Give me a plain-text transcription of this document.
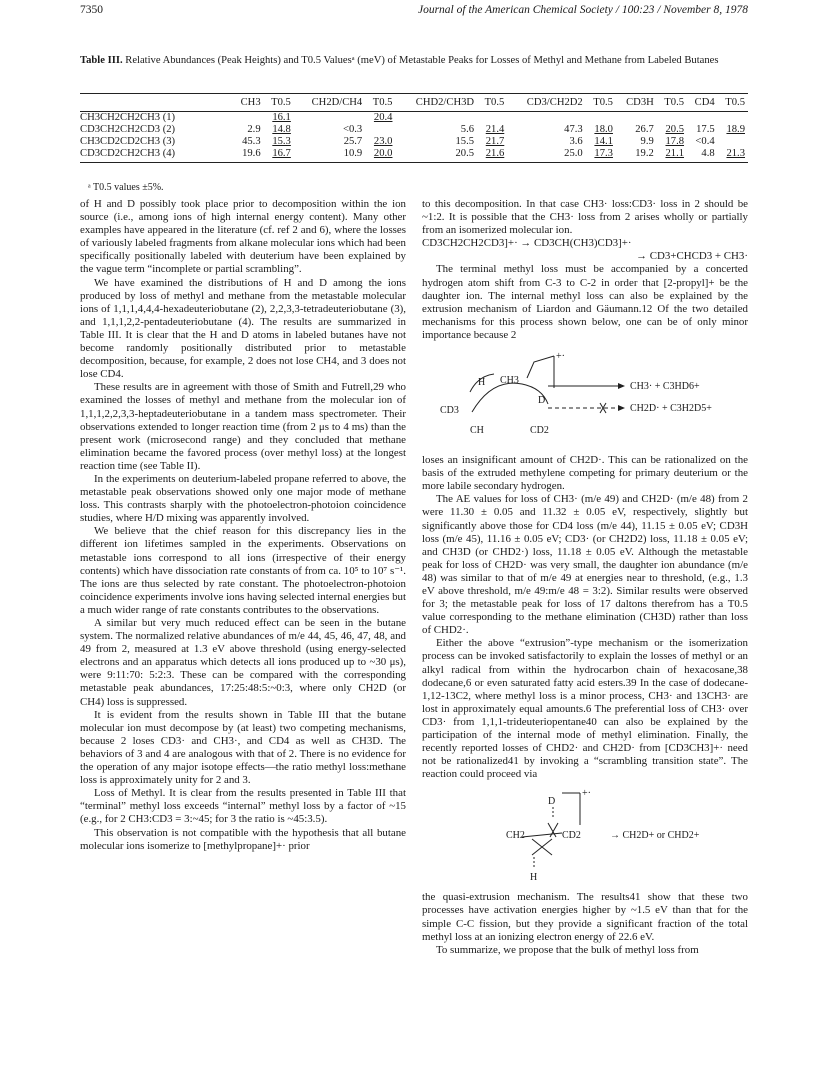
7350	Journal of the American Chemical Society / 100:23 / November 8, 1978
Table III. Relative Abundances (Peak Heights) and T0.5 Valuesᵃ (meV) of Metastable Peaks for Losses of Methyl and Methane from Labeled Butanes
	CH3	T0.5	CH2D/CH4	T0.5	CHD2/CH3D	T0.5	CD3/CH2D2	T0.5	CD3H	T0.5	CD4	T0.5
CH3CH2CH2CH3 (1)		16.1		20.4								
CD3CH2CH2CD3 (2)	2.9	14.8	<0.3		5.6	21.4	47.3	18.0	26.7	20.5	17.5	18.9
CH3CD2CD2CH3 (3)	45.3	15.3	25.7	23.0	15.5	21.7	3.6	14.1	9.9	17.8	<0.4	
CD3CD2CH2CH3 (4)	19.6	16.7	10.9	20.0	20.5	21.6	25.0	17.3	19.2	21.1	4.8	21.3
ᵃ T0.5 values ±5%.

of H and D possibly took place prior to decomposition within the ion source (i.e., among ions of high internal energy content). Many other examples have appeared in the literature (cf. ref 2 and 6), where the losses of variously labeled fragments from alkane molecular ions which had been specifically positionally labeled with deuterium have been explained by the vague term “incomplete or partial scrambling”.

We have examined the distributions of H and D among the ions produced by loss of methyl and methane from the metastable molecular ions of 1,1,1,4,4,4-hexadeuteriobutane (2), 2,2,3,3-tetradeuteriobutane (3), and 1,1,1,2,2-pentadeuteriobutane (4). The results are summarized in Table III. It is clear that the H and D atoms in labeled butanes have not become randomly positionally distributed prior to metastable decomposition, because, for example, 2 does not lose CH4, and 3 does not lose CD4.

These results are in agreement with those of Smith and Futrell,29 who examined the losses of methyl and methane from the molecular ion of 1,1,1,2,2,3,3-heptadeuteriobutane in a tandem mass spectrometer. Their observations extended to longer reaction time (from 2 μs to 4 ms) than the present work (microsecond range) and they concluded that methane elimination became the favored process (over methyl loss) at the longest reaction time (see Table II).

In the experiments on deuterium-labeled propane referred to above, the metastable peak observations showed only one major mode of methane loss. This contrasts sharply with the photoelectron-photoion coincidence studies, where H/D mixing was apparently involved.

We believe that the chief reason for this discrepancy lies in the different ion lifetimes sampled in the experiments. Observations on metastable ions correspond to all ions (irrespective of their energy contents) which have dissociation rate constants of from ca. 10⁵ to 10⁷ s⁻¹. The ions are thus selected by rate constant. The photoelectron-photoion coincidence experiments involve ions having selected internal energies but a much wider range of rate constants contributes to the observations.

A similar but very much reduced effect can be seen in the butane system. The normalized relative abundances of m/e 44, 45, 46, 47, 48, and 49 from 2, measured at 1.3 eV above threshold (using energy-selected electrons and an apparatus which detects all ions produced up to ~30 μs), were 9:11:70: 5:2:3. These can be compared with the corresponding metastable peak abundances, 17:25:48:5:~0:3, where only CH2D (or CH4) loss is suppressed.

It is evident from the results shown in Table III that the butane molecular ion must decompose by (at least) two competing mechanisms, because 2 loses CD3· and CH3·, and CD4 as well as CH3D. The behaviors of 3 and 4 are analogous with that of 2. There is no evidence for the operation of any major isotope effects—the ratio methyl loss:methane loss is approximately unity for 2 and 3.

Loss of Methyl. It is clear from the results presented in Table III that “terminal” methyl loss exceeds “internal” methyl loss by a factor of ~15 (e.g., for 2 CH3:CD3 = 3:~45; for 3 the ratio is ~45:3.5).

This observation is not compatible with the hypothesis that all butane molecular ions isomerize to [methylpropane]+· prior

to this decomposition. In that case CH3· loss:CD3· loss in 2 should be ~1:2. It is possible that the CH3· loss from 2 arises wholly or partially from an isomerized molecular ion.

CD3CH2CH2CD3]+· → CD3CH(CH3)CD3]+·
→ CD3+CHCD3 + CH3·

The terminal methyl loss must be accompanied by a concerted hydrogen atom shift from C-3 to C-2 in order that [2-propyl]+ be the daughter ion. The internal methyl loss can also be explained by the extrusion mechanism of Liardon and Gäumann.12 Of the two detailed mechanisms for this process shown below, one can be of only minor importance because 2

CD3
H CH3
D
CH	CD2
+·
CH3· + C3HD6+
CH2D· + C3H2D5+

loses an insignificant amount of CH2D·. This can be rationalized on the basis of the extruded methylene competing for primary deuterium or the more labile secondary hydrogen.

The AE values for loss of CH3· (m/e 49) and CH2D· (m/e 48) from 2 were 11.30 ± 0.05 and 11.32 ± 0.05 eV, respectively, slightly but significantly above those for CD4 loss (m/e 44), 11.15 ± 0.05 eV; CD3H loss (m/e 45), 11.16 ± 0.05 eV; CD3· (or CH2D2) loss, 11.18 ± 0.05 eV; and CH3D (or CHD2·) loss, 11.18 ± 0.05 eV. Although the metastable peak for loss of CH2D· was very small, the daughter ion abundance (m/e 48) was similar to that of m/e 49 at energies near to threshold, (e.g., 1.3 eV above threshold, m/e 49:m/e 48 = 3:2). Similar results were observed for 3; the metastable peak for loss of 17 daltons therefrom has a T0.5 value corresponding to the methane elimination (CH3D) rather than loss of CHD2·.

Either the above “extrusion”-type mechanism or the isomerization process can be invoked satisfactorily to explain the losses of methyl or an alkyl radical from within the hydrocarbon chain of hexacosane,38 dodecane,6 or even saturated fatty acid esters.39 In the case of dodecane-1,12-13C2, where methyl loss is a minor process, CH3· and 13CH3· are lost in approximately equal amounts.6 The preferential loss of CH3· over CD3· from 1,1,1-trideuteriopentane40 can also be explained by the participation of the internal mode of methyl elimination. Finally, the recently reported losses of CHD2· and CH2D· from [CD3CH3]+· need not be rationalized41 by invoking a “scrambling transition state”. The reaction could proceed via

D
+·
CH2	CD2
H
→ CH2D+ or CHD2+

the quasi-extrusion mechanism. The results41 show that these two processes have activation energies higher by ~1.5 eV than that for the simple C-C fission, but they provide a significant fraction of the total methyl loss at an ionizing electron energy of 22.6 eV.

To summarize, we propose that the bulk of methyl loss from
